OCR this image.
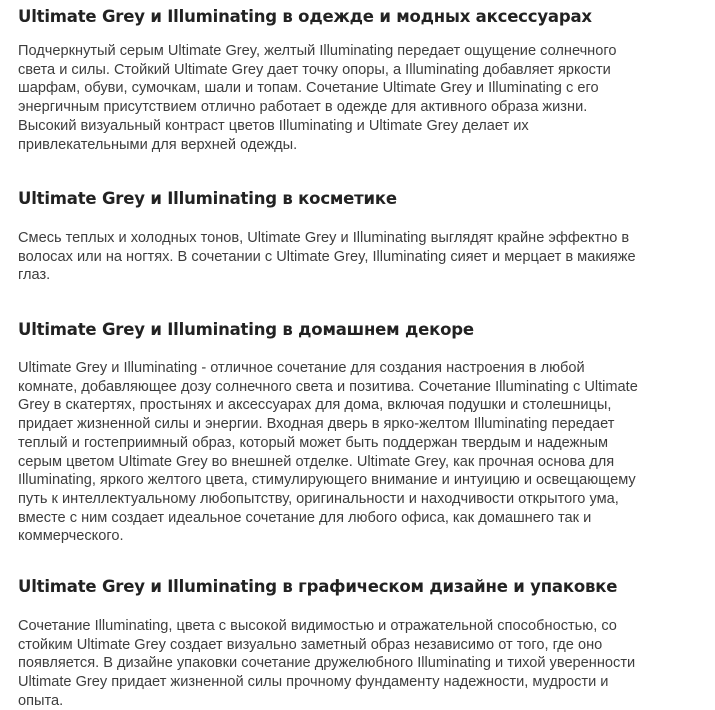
Ultimate Grey и Illuminating в одежде и модных аксессуарах

Подчеркнутый серым Ultimate Grey, желтый Illuminating передает ощущение солнечного
света и силы. Стойкий Ultimate Grey дает точку опоры, а Illuminating добавляет яркости
шарфам, обуви, сумочкам, шали и топам. Сочетание Ultimate Grey и Illuminating с его
энергичным присутствием отлично работает в одежде для активного образа жизни.
Высокий визуальный контраст цветов Illuminating и Ultimate Grey делает их
привлекательными для верхней одежды.

Ultimate Grey и Illuminating в косметике

Смесь теплых и холодных тонов, Ultimate Grey и Illuminating выглядят крайне эффектно в
волосах или на ногтях. В сочетании с Ultimate Grey, Illuminating сияет и мерцает в макияже
глаз.

Ultimate Grey и Illuminating в домашнем декоре

Ultimate Grey и Illuminating - отличное сочетание для создания настроения в любой
комнате, добавляющее дозу солнечного света и позитива. Сочетание Illuminating с Ultimate
Grey в скатертях, простынях и аксессуарах для дома, включая подушки и столешницы,
придает жизненной силы и энергии. Входная дверь в ярко-желтом Illuminating передает
теплый и гостеприимный образ, который может быть поддержан твердым и надежным
серым цветом Ultimate Grey во внешней отделке. Ultimate Grey, как прочная основа для
Illuminating, яркого желтого цвета, стимулирующего внимание и интуицию и освещающему
путь к интеллектуальному любопытству, оригинальности и находчивости открытого ума,
вместе с ним создает идеальное сочетание для любого офиса, как домашнего так и
коммерческого.

Ultimate Grey и Illuminating в графическом дизайне и упаковке

Сочетание Illuminating, цвета с высокой видимостью и отражательной способностью, со
стойким Ultimate Grey создает визуально заметный образ независимо от того, где оно
появляется. В дизайне упаковки сочетание дружелюбного Illuminating и тихой уверенности
Ultimate Grey придает жизненной силы прочному фундаменту надежности, мудрости и
опыта.
